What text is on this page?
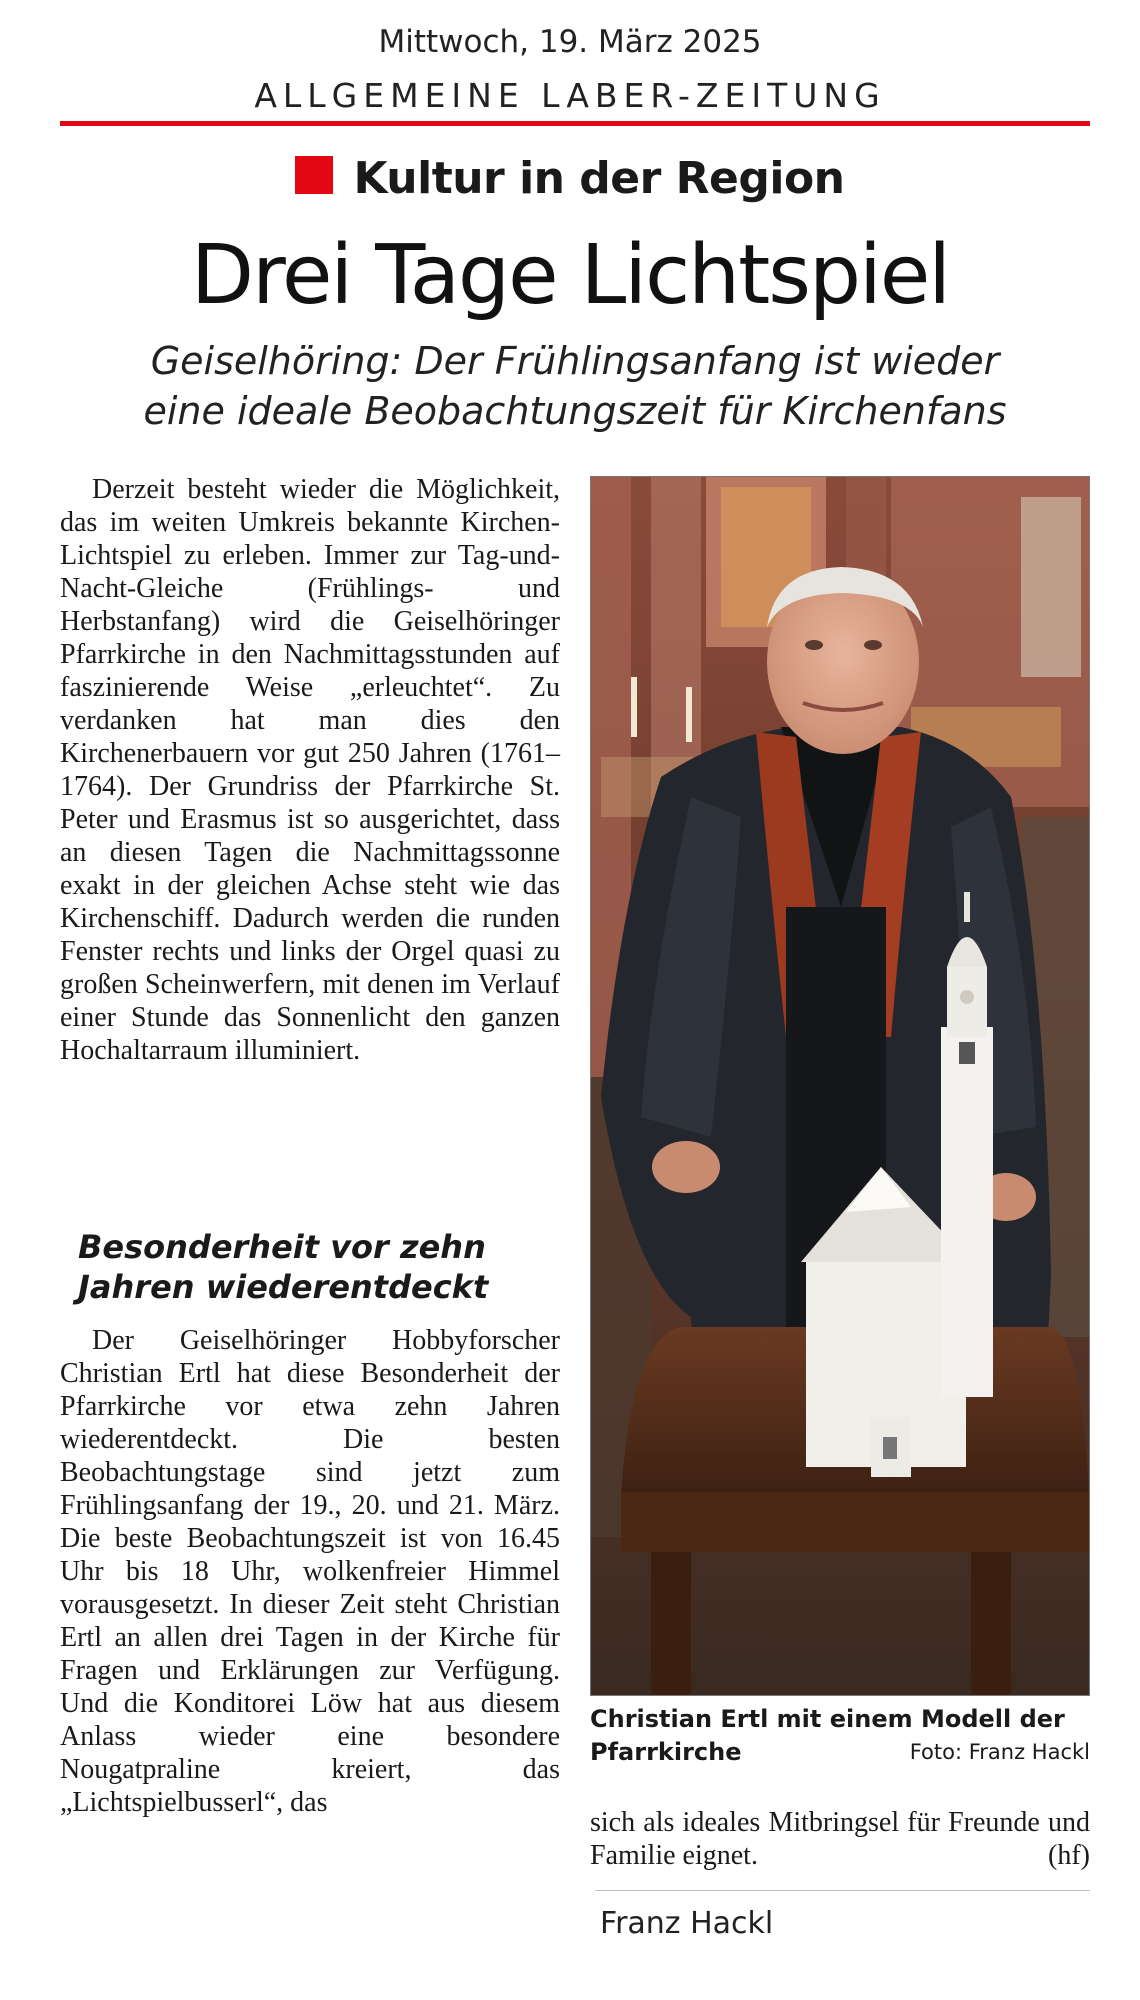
Mittwoch, 19. März 2025
ALLGEMEINE LABER-ZEITUNG
Kultur in der Region
Drei Tage Lichtspiel
Geiselhöring: Der Frühlingsanfang ist wieder
eine ideale Beobachtungszeit für Kirchenfans

Derzeit besteht wieder die Möglichkeit, das im weiten Umkreis bekannte Kirchen-Lichtspiel zu erleben. Immer zur Tag-und-Nacht-Gleiche (Frühlings- und Herbstanfang) wird die Geiselhöringer Pfarrkirche in den Nachmittagsstunden auf faszinierende Weise „erleuchtet“. Zu verdanken hat man dies den Kirchenerbauern vor gut 250 Jahren (1761–1764). Der Grundriss der Pfarrkirche St. Peter und Erasmus ist so ausgerichtet, dass an diesen Tagen die Nachmittagssonne exakt in der gleichen Achse steht wie das Kirchenschiff. Dadurch werden die runden Fenster rechts und links der Orgel quasi zu großen Scheinwerfern, mit denen im Verlauf einer Stunde das Sonnenlicht den ganzen Hochaltarraum illuminiert.

Besonderheit vor zehn
Jahren wiederentdeckt

Der Geiselhöringer Hobbyforscher Christian Ertl hat diese Besonderheit der Pfarrkirche vor etwa zehn Jahren wiederentdeckt. Die besten Beobachtungstage sind jetzt zum Frühlingsanfang der 19., 20. und 21. März. Die beste Beobachtungszeit ist von 16.45 Uhr bis 18 Uhr, wolkenfreier Himmel vorausgesetzt. In dieser Zeit steht Christian Ertl an allen drei Tagen in der Kirche für Fragen und Erklärungen zur Verfügung. Und die Konditorei Löw hat aus diesem Anlass wieder eine besondere Nougatpraline kreiert, das „Lichtspielbusserl“, das

Christian Ertl mit einem Modell der Pfarrkirche	Foto: Franz Hackl

sich als ideales Mitbringsel für Freunde und Familie eignet.	(hf)

Franz Hackl
